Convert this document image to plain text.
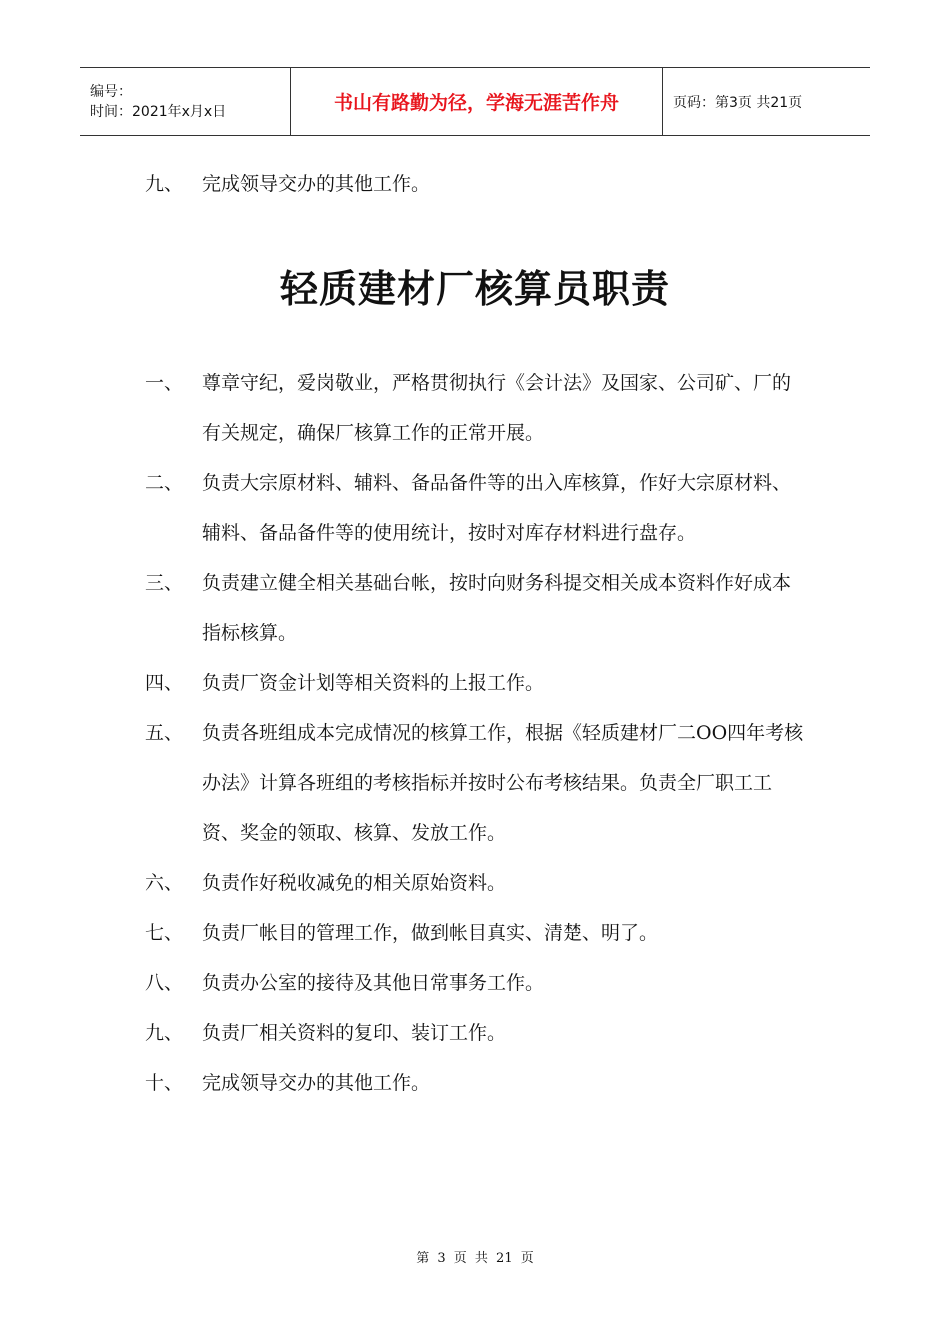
编号：
时间：2021年x月x日	书山有路勤为径，学海无涯苦作舟	页码：第3页 共21页
九、 完成领导交办的其他工作。
轻质建材厂核算员职责
一、 尊章守纪，爱岗敬业，严格贯彻执行《会计法》及国家、公司矿、厂的有关规定，确保厂核算工作的正常开展。
二、 负责大宗原材料、辅料、备品备件等的出入库核算，作好大宗原材料、辅料、备品备件等的使用统计，按时对库存材料进行盘存。
三、 负责建立健全相关基础台帐，按时向财务科提交相关成本资料作好成本指标核算。
四、 负责厂资金计划等相关资料的上报工作。
五、 负责各班组成本完成情况的核算工作，根据《轻质建材厂二OO四年考核办法》计算各班组的考核指标并按时公布考核结果。负责全厂职工工资、奖金的领取、核算、发放工作。
六、 负责作好税收减免的相关原始资料。
七、 负责厂帐目的管理工作，做到帐目真实、清楚、明了。
八、 负责办公室的接待及其他日常事务工作。
九、 负责厂相关资料的复印、装订工作。
十、 完成领导交办的其他工作。
第 3 页 共 21 页
